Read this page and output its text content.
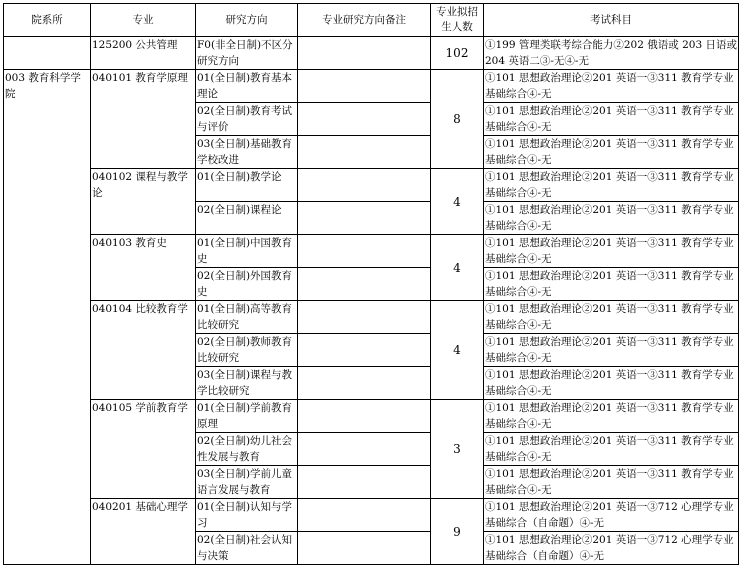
院系所	专业	研究方向	专业研究方向备注	专业拟招生人数	考试科目
	125200 公共管理	F0(非全日制)不区分研究方向		102	①199 管理类联考综合能力②202 俄语或 203 日语或 204 英语二③-无④-无
003 教育科学学院	040101 教育学原理	01(全日制)教育基本理论		8	①101 思想政治理论②201 英语一③311 教育学专业基础综合④-无
		02(全日制)教育考试与评价			①101 思想政治理论②201 英语一③311 教育学专业基础综合④-无
		03(全日制)基础教育学校改进			①101 思想政治理论②201 英语一③311 教育学专业基础综合④-无
	040102 课程与教学论	01(全日制)教学论		4	①101 思想政治理论②201 英语一③311 教育学专业基础综合④-无
		02(全日制)课程论			①101 思想政治理论②201 英语一③311 教育学专业基础综合④-无
	040103 教育史	01(全日制)中国教育史		4	①101 思想政治理论②201 英语一③311 教育学专业基础综合④-无
		02(全日制)外国教育史			①101 思想政治理论②201 英语一③311 教育学专业基础综合④-无
	040104 比较教育学	01(全日制)高等教育比较研究		4	①101 思想政治理论②201 英语一③311 教育学专业基础综合④-无
		02(全日制)教师教育比较研究			①101 思想政治理论②201 英语一③311 教育学专业基础综合④-无
		03(全日制)课程与教学比较研究			①101 思想政治理论②201 英语一③311 教育学专业基础综合④-无
	040105 学前教育学	01(全日制)学前教育原理		3	①101 思想政治理论②201 英语一③311 教育学专业基础综合④-无
		02(全日制)幼儿社会性发展与教育			①101 思想政治理论②201 英语一③311 教育学专业基础综合④-无
		03(全日制)学前儿童语言发展与教育			①101 思想政治理论②201 英语一③311 教育学专业基础综合④-无
	040201 基础心理学	01(全日制)认知与学习		9	①101 思想政治理论②201 英语一③712 心理学专业基础综合（自命题）④-无
		02(全日制)社会认知与决策			①101 思想政治理论②201 英语一③712 心理学专业基础综合（自命题）④-无
